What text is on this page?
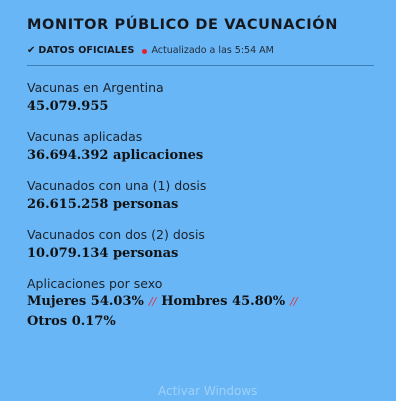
MONITOR PÚBLICO DE VACUNACIÓN
✔ DATOS OFICIALES Actualizado a las 5:54 AM
Vacunas en Argentina
45.079.955
Vacunas aplicadas
36.694.392 aplicaciones
Vacunados con una (1) dosis
26.615.258 personas
Vacunados con dos (2) dosis
10.079.134 personas
Aplicaciones por sexo
Mujeres 54.03% // Hombres 45.80% //
Otros 0.17%
Activar Windows
